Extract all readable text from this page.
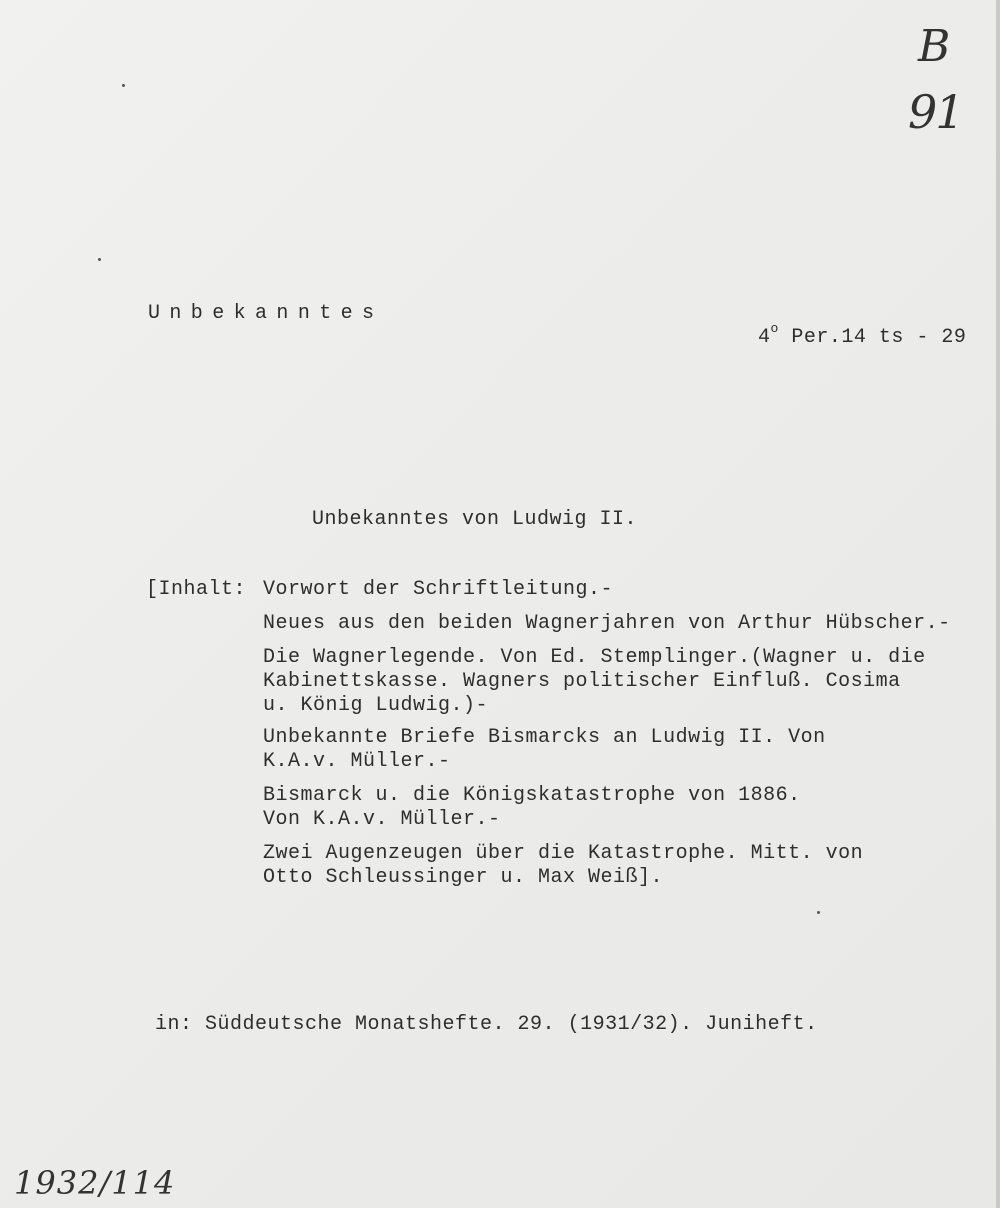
B
91
Unbekanntes

4$^o$ Per.14 ts - 29

Unbekanntes von Ludwig II.
[Inhalt: Vorwort der Schriftleitung.-
Neues aus den beiden Wagnerjahren von Arthur Hübscher.-
Die Wagnerlegende. Von Ed. Stemplinger.(Wagner u. die
Kabinettskasse. Wagners politischer Einfluß. Cosima
u. König Ludwig.)-
Unbekannte Briefe Bismarcks an Ludwig II. Von
K.A.v. Müller.-
Bismarck u. die Königskatastrophe von 1886.
Von K.A.v. Müller.-
Zwei Augenzeugen über die Katastrophe. Mitt. von
Otto Schleussinger u. Max Weiß].
in: Süddeutsche Monatshefte. 29. (1931/32). Juniheft.
1932/114
